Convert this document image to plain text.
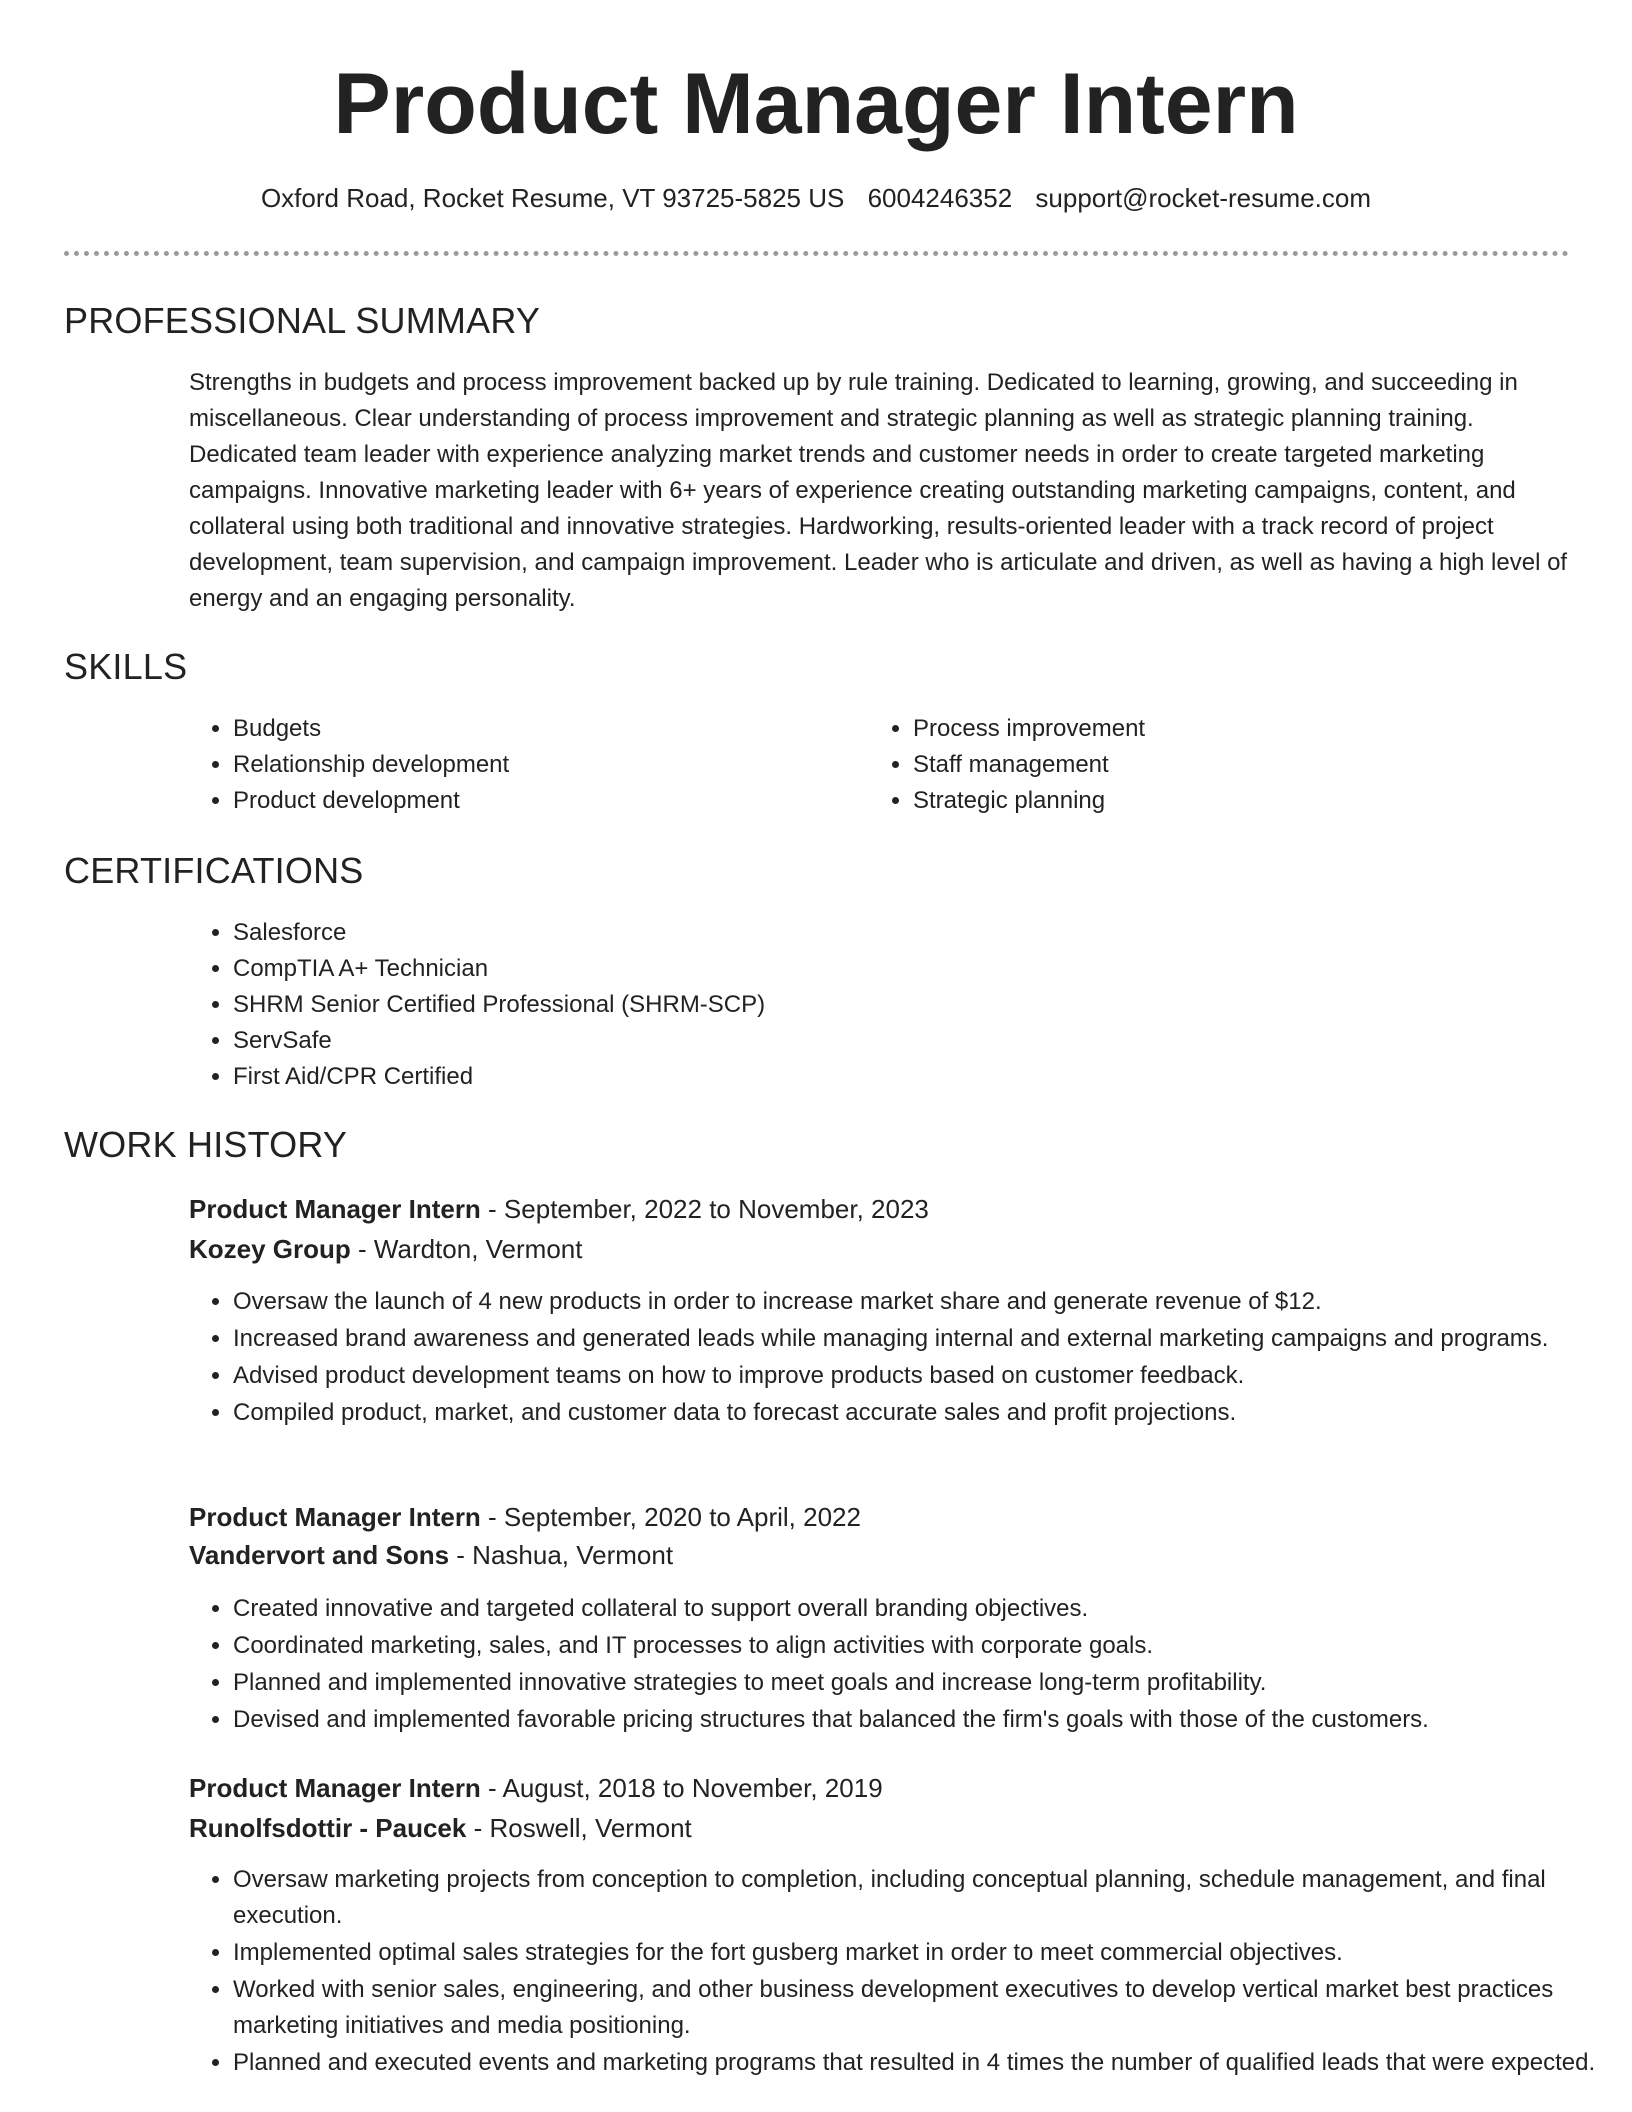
Product Manager Intern
Oxford Road, Rocket Resume, VT 93725-5825 US 6004246352 support@rocket-resume.com
PROFESSIONAL SUMMARY

Strengths in budgets and process improvement backed up by rule training. Dedicated to learning, growing, and succeeding in miscellaneous. Clear understanding of process improvement and strategic planning as well as strategic planning training. Dedicated team leader with experience analyzing market trends and customer needs in order to create targeted marketing campaigns. Innovative marketing leader with 6+ years of experience creating outstanding marketing campaigns, content, and collateral using both traditional and innovative strategies. Hardworking, results-oriented leader with a track record of project development, team supervision, and campaign improvement. Leader who is articulate and driven, as well as having a high level of energy and an engaging personality.

SKILLS
• Budgets
• Relationship development
• Product development
• Process improvement
• Staff management
• Strategic planning
CERTIFICATIONS
• Salesforce
• CompTIA A+ Technician
• SHRM Senior Certified Professional (SHRM-SCP)
• ServSafe
• First Aid/CPR Certified
WORK HISTORY
Product Manager Intern - September, 2022 to November, 2023
Kozey Group - Wardton, Vermont
• Oversaw the launch of 4 new products in order to increase market share and generate revenue of $12.
• Increased brand awareness and generated leads while managing internal and external marketing campaigns and programs.
• Advised product development teams on how to improve products based on customer feedback.
• Compiled product, market, and customer data to forecast accurate sales and profit projections.
Product Manager Intern - September, 2020 to April, 2022
Vandervort and Sons - Nashua, Vermont
• Created innovative and targeted collateral to support overall branding objectives.
• Coordinated marketing, sales, and IT processes to align activities with corporate goals.
• Planned and implemented innovative strategies to meet goals and increase long-term profitability.
• Devised and implemented favorable pricing structures that balanced the firm's goals with those of the customers.
Product Manager Intern - August, 2018 to November, 2019
Runolfsdottir - Paucek - Roswell, Vermont
• Oversaw marketing projects from conception to completion, including conceptual planning, schedule management, and final execution.
• Implemented optimal sales strategies for the fort gusberg market in order to meet commercial objectives.
• Worked with senior sales, engineering, and other business development executives to develop vertical market best practices marketing initiatives and media positioning.
• Planned and executed events and marketing programs that resulted in 4 times the number of qualified leads that were expected.
